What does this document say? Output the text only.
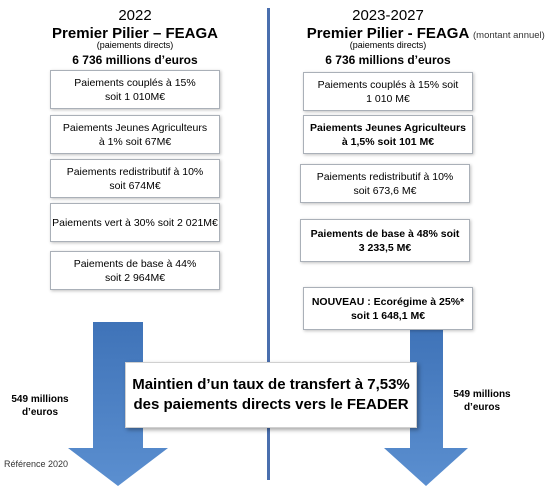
2022
Premier Pilier – FEAGA
(paiements directs)
6 736 millions d’euros
Paiements couplés à 15%
soit 1 010M€
Paiements Jeunes Agriculteurs
à 1% soit 67M€
Paiements redistributif à 10%
soit 674M€
Paiements vert à 30% soit 2 021M€
Paiements de base à 44%
soit 2 964M€
2023-2027
Premier Pilier - FEAGA (montant annuel)
(paiements directs)
6 736 millions d’euros
Paiements couplés à 15% soit
1 010 M€
Paiements Jeunes Agriculteurs
à 1,5% soit 101 M€
Paiements redistributif à 10%
soit 673,6 M€
Paiements de base à 48% soit
3 233,5 M€
NOUVEAU : Ecorégime à 25%*
soit 1 648,1 M€
549 millions
d’euros
549 millions
d’euros
Maintien d’un taux de transfert à 7,53%
des paiements directs vers le FEADER
Référence 2020
